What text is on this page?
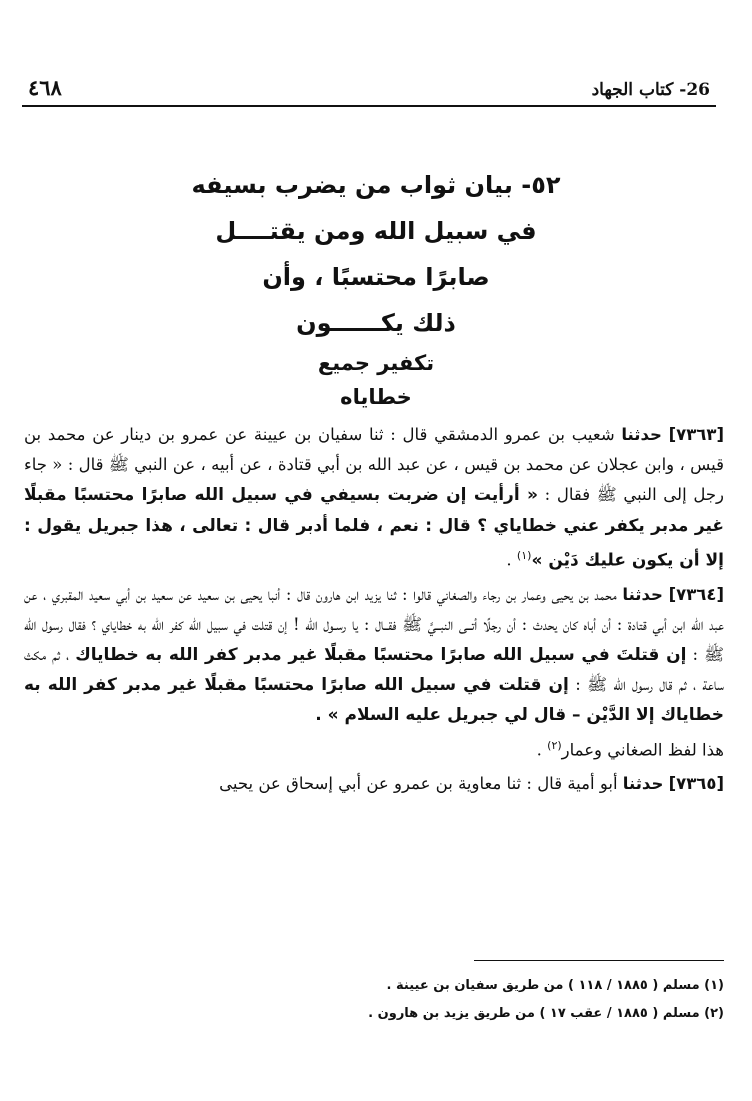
26- كتاب الجهاد
٤٦٨
٥٢- بيان ثواب من يضرب بسيفه
في سبيل الله ومن يقتــــل
صابرًا محتسبًا ، وأن
ذلك يكــــــون
تكفير جميع
خطاياه

[٧٣٦٣] حدثنا شعيب بن عمرو الدمشقي قال : ثنا سفيان بن عيينة عن عمرو بن دينار عن محمد بن قيس ، وابن عجلان عن محمد بن قيس ، عن عبد الله بن أبي قتادة ، عن أبيه ، عن النبي ﷺ قال : « جاء رجل إلى النبي ﷺ فقال : « أرأيت إن ضربت بسيفي في سبيل الله صابرًا محتسبًا مقبلًا غير مدبر يكفر عني خطاياي ؟ قال : نعم ، فلما أدبر قال : تعالى ، هذا جبريل يقول : إلا أن يكون عليك دَيْن »$^{(١)}$ .

[٧٣٦٤] حدثنا محمد بن يحيى وعمار بن رجاء والصغاني قالوا : ثنا يزيد ابن هارون قال : أنبا يحيى بن سعيد عن سعيد بن أبي سعيد المقبري ، عن عبد الله ابن أبي قتادة : أن أباه كان يحدث : أن رجلًا أتــى النبــيَّ ﷺ فقــال : يا رسـول الله ! إن قتلت في سبيل الله كفر الله به خطاياي ؟ فقال رسول الله ﷺ : إن قتلتَ في سبيل الله صابرًا محتسبًا مقبلًا غير مدبر كفر الله به خطاياك ، ثم مكث ساعة ، ثم قال رسول الله ﷺ : إن قتلت في سبيل الله صابرًا محتسبًا مقبلًا غير مدبر كفر الله به خطاياك إلا الدَّيْن – قال لي جبريل عليه السلام » .
هذا لفظ الصغاني وعمار$^{(٢)}$ .

[٧٣٦٥] حدثنا أبو أمية قال : ثنا معاوية بن عمرو عن أبي إسحاق عن يحيى

(١) مسلم ( ١٨٨٥ / ١١٨ ) من طريق سفيان بن عيينة .

(٢) مسلم ( ١٨٨٥ / عقب ١٧ ) من طريق يزيد بن هارون .
